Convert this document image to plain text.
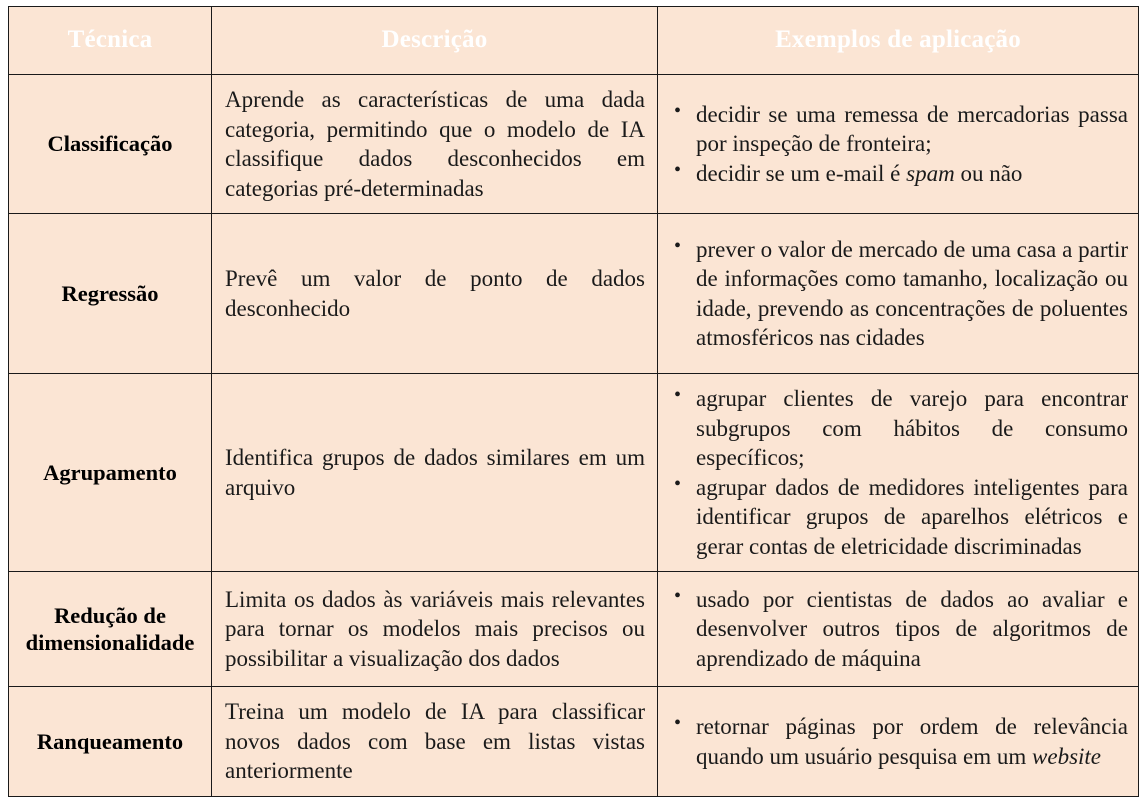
Técnica	Descrição	Exemplos de aplicação
Classificação	Aprende as características de uma dada categoria, permitindo que o modelo de IA classifique dados desconhecidos em categorias pré-determinadas	
• decidir se uma remessa de mercadorias passa por inspeção de fronteira;
• decidir se um e-mail é spam ou não

Regressão	Prevê um valor de ponto de dados desconhecido	
• prever o valor de mercado de uma casa a partir de informações como tamanho, localização ou idade, prevendo as concentrações de poluentes atmosféricos nas cidades

Agrupamento	Identifica grupos de dados similares em um arquivo	
• agrupar clientes de varejo para encontrar subgrupos com hábitos de consumo específicos;
• agrupar dados de medidores inteligentes para identificar grupos de aparelhos elétricos e gerar contas de eletricidade discriminadas

Redução de dimensionalidade	Limita os dados às variáveis mais relevantes para tornar os modelos mais precisos ou possibilitar a visualização dos dados	
• usado por cientistas de dados ao avaliar e desenvolver outros tipos de algoritmos de aprendizado de máquina

Ranqueamento	Treina um modelo de IA para classificar novos dados com base em listas vistas anteriormente	
• retornar páginas por ordem de relevância quando um usuário pesquisa em um website
